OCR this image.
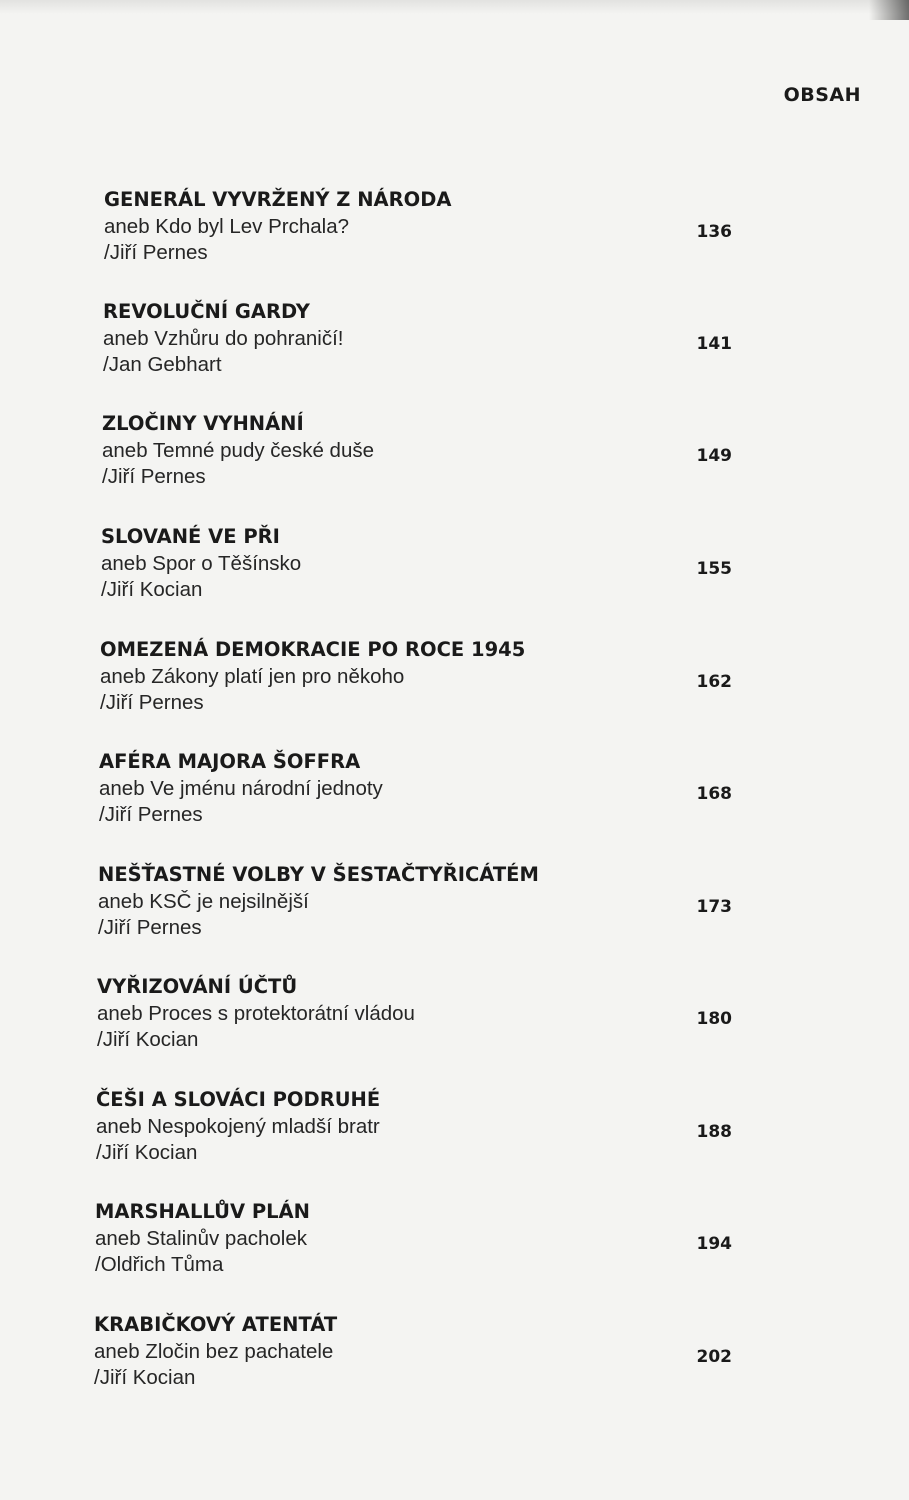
OBSAH
GENERÁL VYVRŽENÝ Z NÁRODA
aneb Kdo byl Lev Prchala?
/Jiří Pernes
136
REVOLUČNÍ GARDY
aneb Vzhůru do pohraničí!
/Jan Gebhart
141
ZLOČINY VYHNÁNÍ
aneb Temné pudy české duše
/Jiří Pernes
149
SLOVANÉ VE PŘI
aneb Spor o Těšínsko
/Jiří Kocian
155
OMEZENÁ DEMOKRACIE PO ROCE 1945
aneb Zákony platí jen pro někoho
/Jiří Pernes
162
AFÉRA MAJORA ŠOFFRA
aneb Ve jménu národní jednoty
/Jiří Pernes
168
NEŠŤASTNÉ VOLBY V ŠESTAČTYŘICÁTÉM
aneb KSČ je nejsilnější
/Jiří Pernes
173
VYŘIZOVÁNÍ ÚČTŮ
aneb Proces s protektorátní vládou
/Jiří Kocian
180
ČEŠI A SLOVÁCI PODRUHÉ
aneb Nespokojený mladší bratr
/Jiří Kocian
188
MARSHALLŮV PLÁN
aneb Stalinův pacholek
/Oldřich Tůma
194
KRABIČKOVÝ ATENTÁT
aneb Zločin bez pachatele
/Jiří Kocian
202
